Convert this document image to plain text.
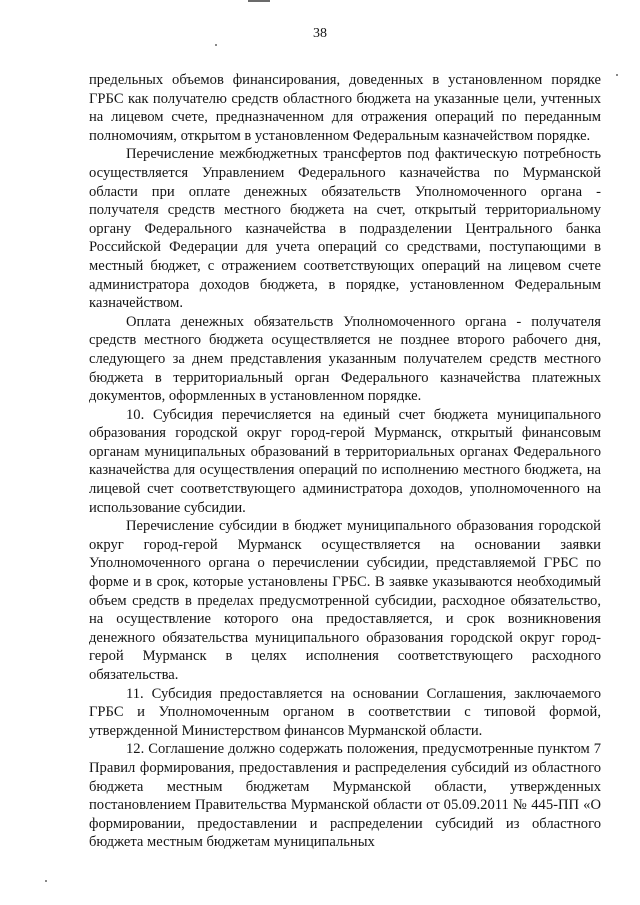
38

предельных объемов финансирования, доведенных в установленном порядке ГРБС как получателю средств областного бюджета на указанные цели, учтенных на лицевом счете, предназначенном для отражения операций по переданным полномочиям, открытом в установленном Федеральным казначейством порядке.

Перечисление межбюджетных трансфертов под фактическую потребность осуществляется Управлением Федерального казначейства по Мурманской области при оплате денежных обязательств Уполномоченного органа - получателя средств местного бюджета на счет, открытый территориальному органу Федерального казначейства в подразделении Центрального банка Российской Федерации для учета операций со средствами, поступающими в местный бюджет, с отражением соответствующих операций на лицевом счете администратора доходов бюджета, в порядке, установленном Федеральным казначейством.

Оплата денежных обязательств Уполномоченного органа - получателя средств местного бюджета осуществляется не позднее второго рабочего дня, следующего за днем представления указанным получателем средств местного бюджета в территориальный орган Федерального казначейства платежных документов, оформленных в установленном порядке.

10. Субсидия перечисляется на единый счет бюджета муниципального образования городской округ город-герой Мурманск, открытый финансовым органам муниципальных образований в территориальных органах Федерального казначейства для осуществления операций по исполнению местного бюджета, на лицевой счет соответствующего администратора доходов, уполномоченного на использование субсидии.

Перечисление субсидии в бюджет муниципального образования городской округ город-герой Мурманск осуществляется на основании заявки Уполномоченного органа о перечислении субсидии, представляемой ГРБС по форме и в срок, которые установлены ГРБС. В заявке указываются необходимый объем средств в пределах предусмотренной субсидии, расходное обязательство, на осуществление которого она предоставляется, и срок возникновения денежного обязательства муниципального образования городской округ город-герой Мурманск в целях исполнения соответствующего расходного обязательства.

11. Субсидия предоставляется на основании Соглашения, заключаемого ГРБС и Уполномоченным органом в соответствии с типовой формой, утвержденной Министерством финансов Мурманской области.

12. Соглашение должно содержать положения, предусмотренные пунктом 7 Правил формирования, предоставления и распределения субсидий из областного бюджета местным бюджетам Мурманской области, утвержденных постановлением Правительства Мурманской области от 05.09.2011 № 445-ПП «О формировании, предоставлении и распределении субсидий из областного бюджета местным бюджетам муниципальных
